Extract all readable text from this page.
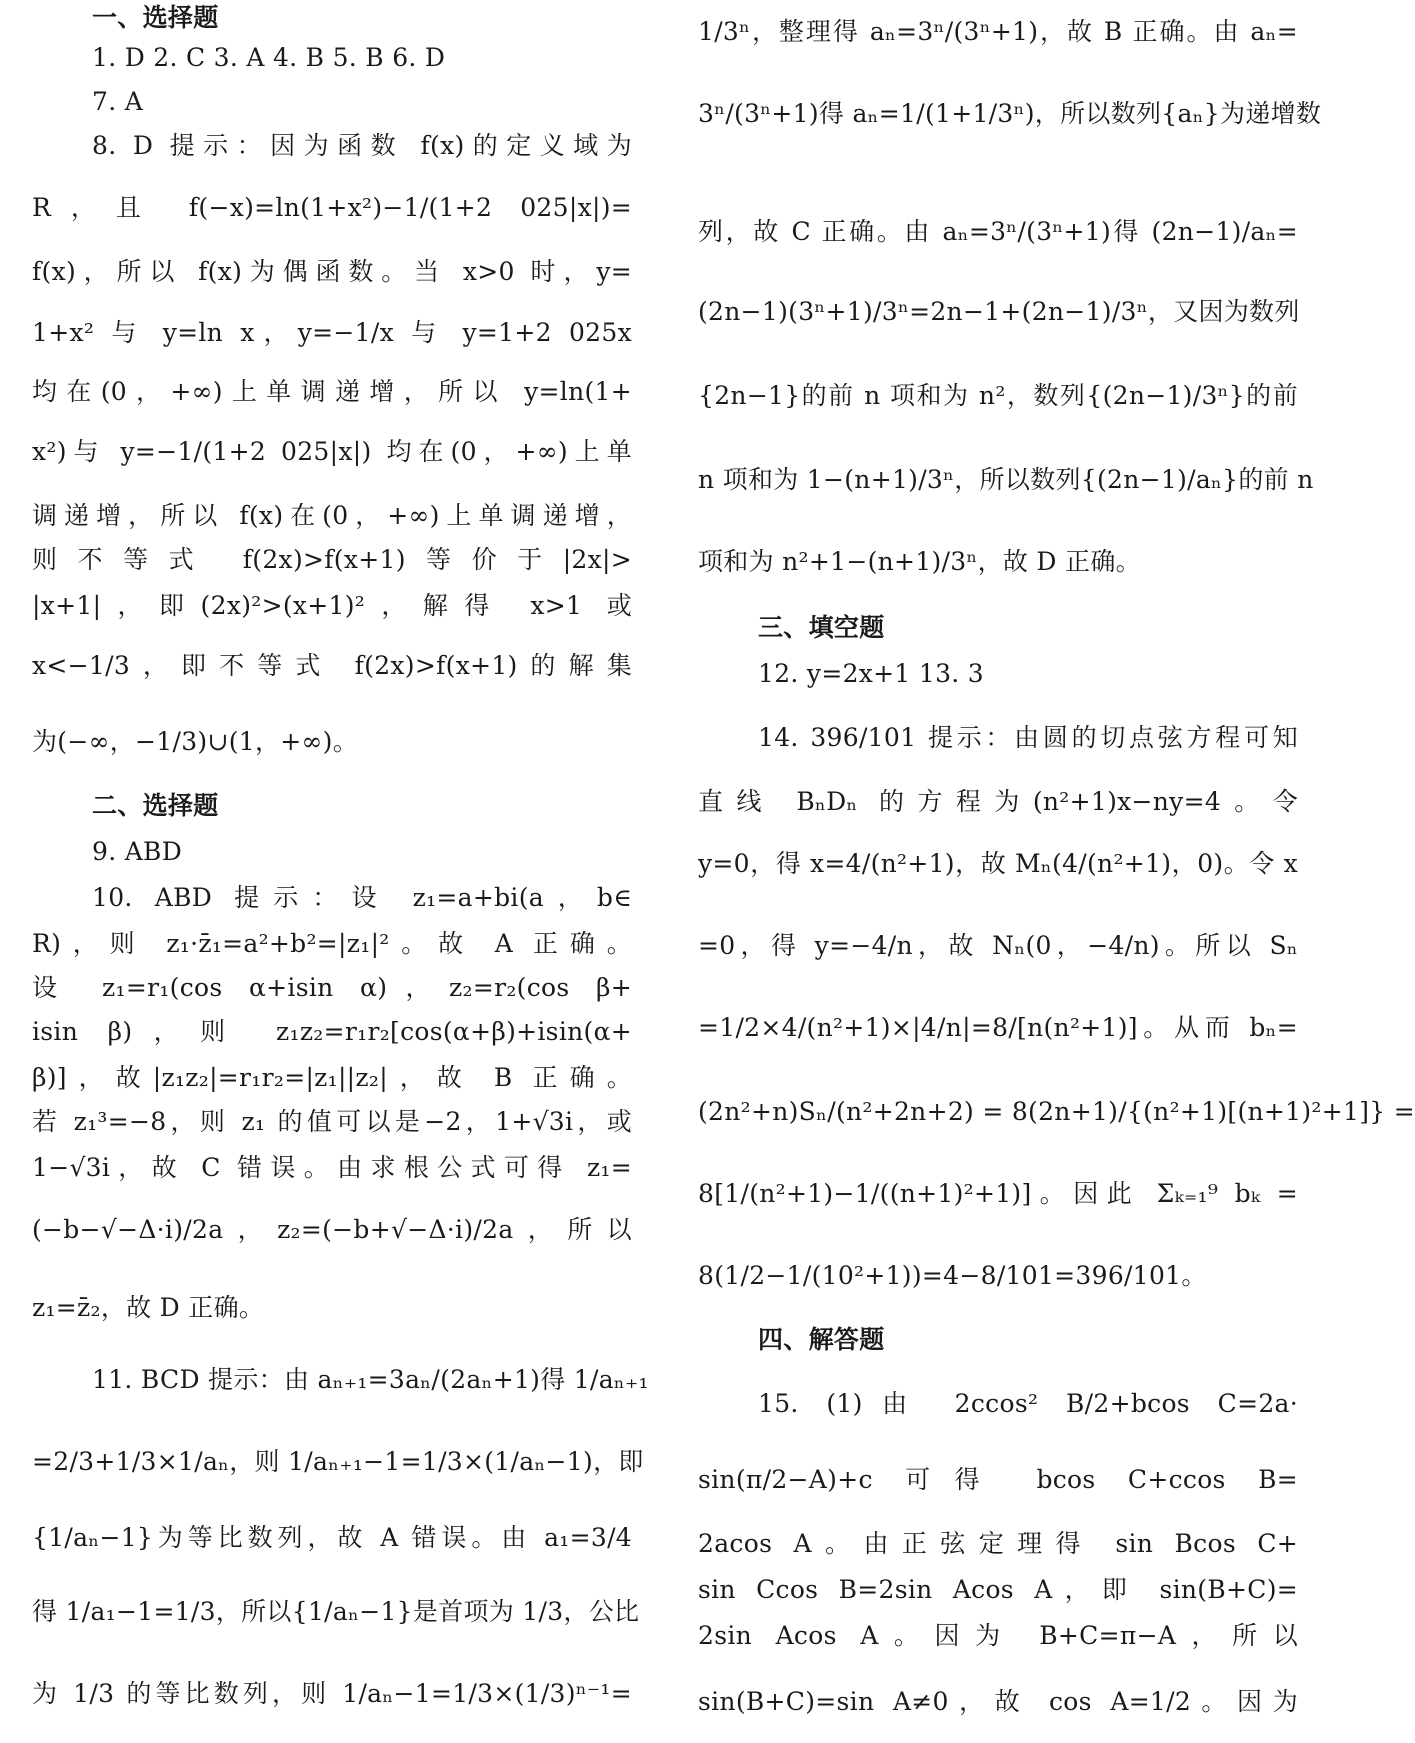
一、选择题
1. D 2. C 3. A 4. B 5. B 6. D
7. A
8. D 提示：因为函数 f(x)的定义域为
R，且 f(−x)=ln(1+x²)−1/(1+2 025|x|)=
f(x)，所以 f(x)为偶函数。当 x>0 时，y=
1+x² 与 y=ln x，y=−1/x 与 y=1+2 025x
均在(0，+∞)上单调递增，所以 y=ln(1+
x²)与 y=−1/(1+2 025|x|) 均在(0，+∞)上单
调递增，所以 f(x)在(0，+∞)上单调递增，
则不等式 f(2x)>f(x+1)等价于|2x|>
|x+1|，即(2x)²>(x+1)²，解得 x>1 或
x<−1/3，即不等式 f(2x)>f(x+1)的解集
为(−∞，−1/3)∪(1，+∞)。
二、选择题
9. ABD
10. ABD 提示：设 z₁=a+bi(a，b∈
R)，则 z₁·z̄₁=a²+b²=|z₁|²。故 A 正确。
设 z₁=r₁(cos α+isin α)，z₂=r₂(cos β+
isin β)，则 z₁z₂=r₁r₂[cos(α+β)+isin(α+
β)]，故|z₁z₂|=r₁r₂=|z₁||z₂|，故 B 正确。
若 z₁³=−8，则 z₁ 的值可以是−2，1+√3i，或
1−√3i，故 C 错误。由求根公式可得 z₁=
(−b−√−Δ·i)/2a，z₂=(−b+√−Δ·i)/2a，所以
z₁=z̄₂，故 D 正确。
11. BCD 提示：由 aₙ₊₁=3aₙ/(2aₙ+1)得 1/aₙ₊₁
=2/3+1/3×1/aₙ，则 1/aₙ₊₁−1=1/3×(1/aₙ−1)，即
{1/aₙ−1}为等比数列，故 A 错误。由 a₁=3/4
得 1/a₁−1=1/3，所以{1/aₙ−1}是首项为 1/3，公比
为 1/3 的等比数列，则 1/aₙ−1=1/3×(1/3)ⁿ⁻¹=
1/3ⁿ，整理得 aₙ=3ⁿ/(3ⁿ+1)，故 B 正确。由 aₙ=
3ⁿ/(3ⁿ+1)得 aₙ=1/(1+1/3ⁿ)，所以数列{aₙ}为递增数
列，故 C 正确。由 aₙ=3ⁿ/(3ⁿ+1)得 (2n−1)/aₙ=
(2n−1)(3ⁿ+1)/3ⁿ=2n−1+(2n−1)/3ⁿ，又因为数列
{2n−1}的前 n 项和为 n²，数列{(2n−1)/3ⁿ}的前
n 项和为 1−(n+1)/3ⁿ，所以数列{(2n−1)/aₙ}的前 n
项和为 n²+1−(n+1)/3ⁿ，故 D 正确。
三、填空题
12. y=2x+1 13. 3
14. 396/101 提示：由圆的切点弦方程可知
直线 BₙDₙ 的方程为(n²+1)x−ny=4。令
y=0，得 x=4/(n²+1)，故 Mₙ(4/(n²+1)，0)。令 x
=0，得 y=−4/n，故 Nₙ(0，−4/n)。所以 Sₙ
=1/2×4/(n²+1)×|4/n|=8/[n(n²+1)]。从而 bₙ=
(2n²+n)Sₙ/(n²+2n+2) = 8(2n+1)/{(n²+1)[(n+1)²+1]} =
8[1/(n²+1)−1/((n+1)²+1)]。因此 Σₖ₌₁⁹ bₖ =
8(1/2−1/(10²+1))=4−8/101=396/101。
四、解答题
15. (1)由 2ccos² B/2+bcos C=2a·
sin(π/2−A)+c 可得 bcos C+ccos B=
2acos A。由正弦定理得 sin Bcos C+
sin Ccos B=2sin Acos A，即 sin(B+C)=
2sin Acos A。因为 B+C=π−A，所以
sin(B+C)=sin A≠0，故 cos A=1/2。因为
